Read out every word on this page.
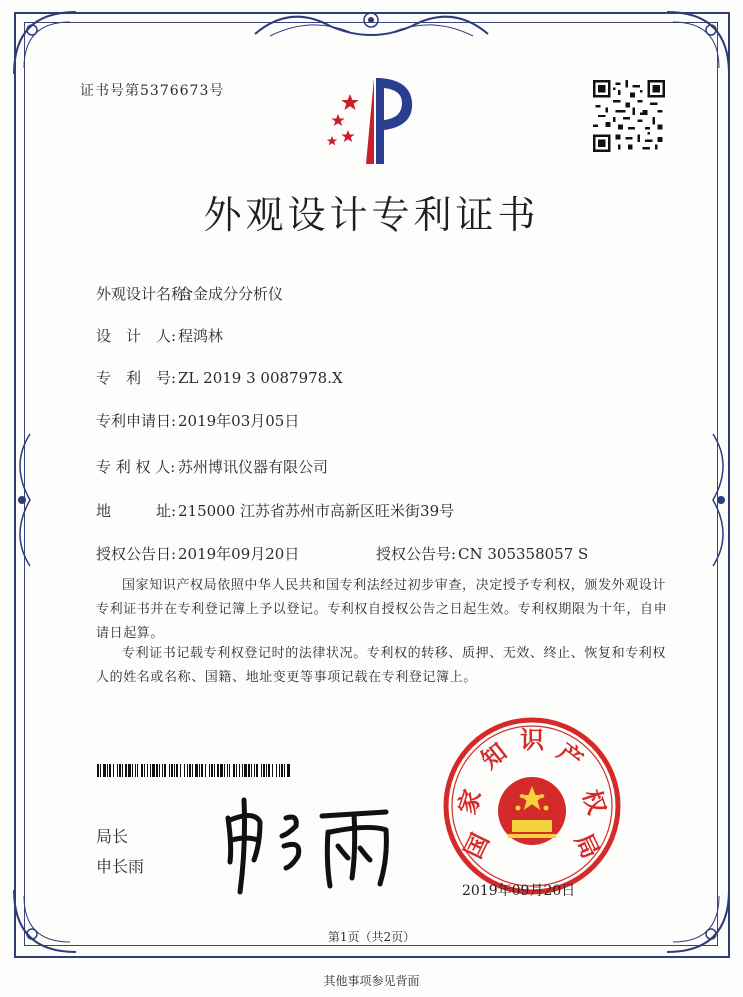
证书号第5376673号
外观设计专利证书
外观设计名称:合金成分分析仪
设　计　人: 程鸿林
专　利　号: ZL 2019 3 0087978.X
专利申请日: 2019年03月05日
专 利 权 人: 苏州博讯仪器有限公司
地　　　址: 215000 江苏省苏州市高新区旺米街39号
授权公告日: 2019年09月20日	授权公告号: CN 305358057 S
国家知识产权局依照中华人民共和国专利法经过初步审查，决定授予专利权，颁发外观设计专利证书并在专利登记簿上予以登记。专利权自授权公告之日起生效。专利权期限为十年，自申请日起算。
专利证书记载专利权登记时的法律状况。专利权的转移、质押、无效、终止、恢复和专利权人的姓名或名称、国籍、地址变更等事项记载在专利登记簿上。
局长
申长雨
国
家
知 识 产
权
局
2019年09月20日
第1页（共2页）
其他事项参见背面
